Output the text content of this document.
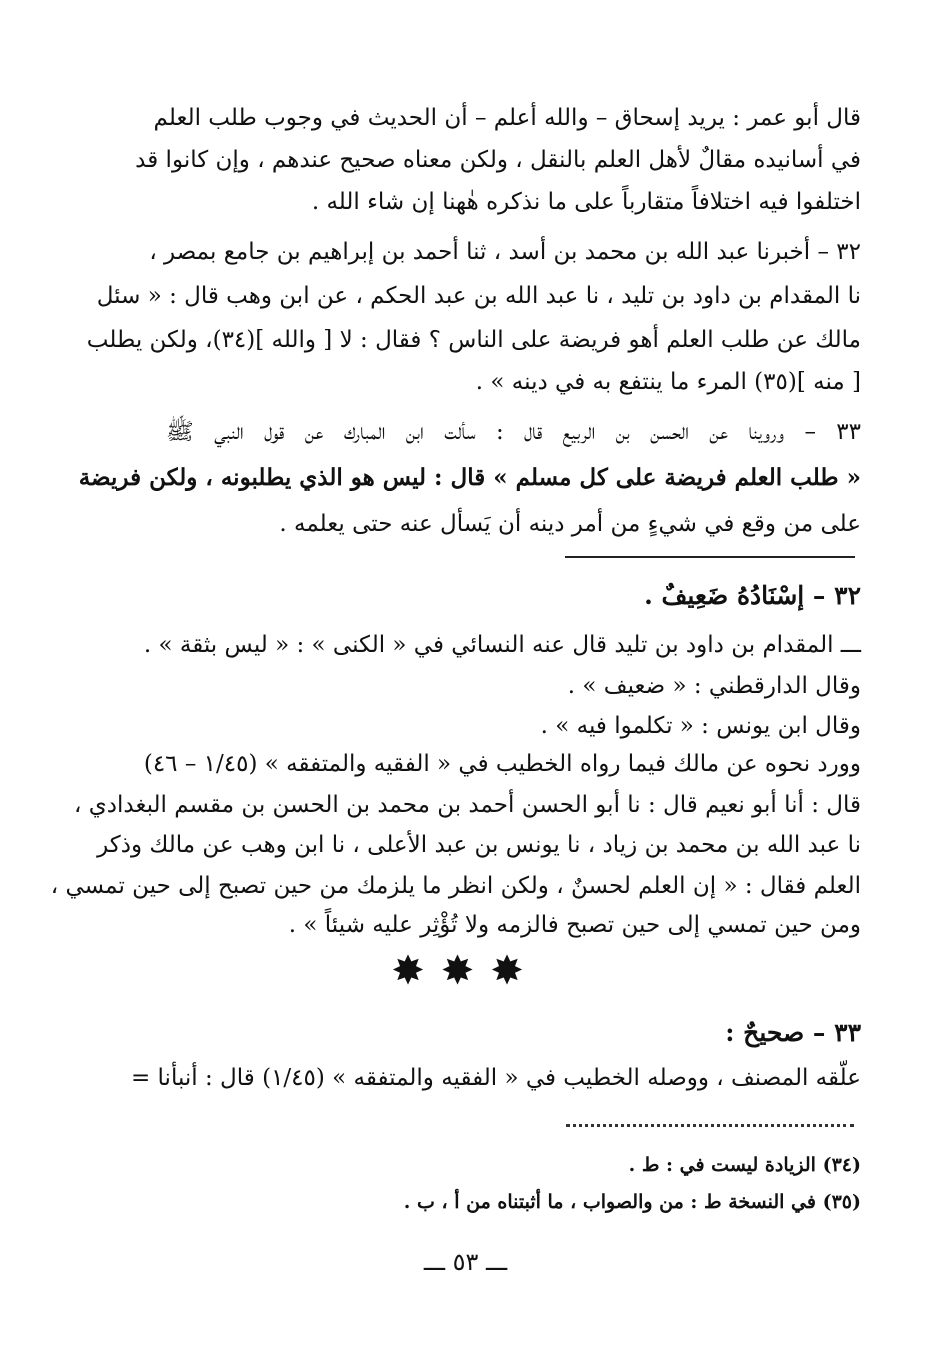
قال أبو عمر : يريد إسحاق – والله أعلم – أن الحديث في وجوب طلب العلم
في أسانيده مقالٌ لأهل العلم بالنقل ، ولكن معناه صحيح عندهم ، وإن كانوا قد
اختلفوا فيه اختلافاً متقارباً على ما نذكره هٰهنا إن شاء الله .
٣٢ – أخبرنا عبد الله بن محمد بن أسد ، ثنا أحمد بن إبراهيم بن جامع بمصر ،
نا المقدام بن داود بن تليد ، نا عبد الله بن عبد الحكم ، عن ابن وهب قال : « سئل
مالك عن طلب العلم أهو فريضة على الناس ؟ فقال : لا [ والله ](٣٤)، ولكن يطلب
[ منه ](٣٥) المرء ما ينتفع به في دينه » .
٣٣ – وروينا عن الحسن بن الربيع قال : سألت ابن المبارك عن قول النبي ﷺ
« طلب العلم فريضة على كل مسلم » قال : ليس هو الذي يطلبونه ، ولكن فريضة
على من وقع في شيءٍ من أمر دينه أن يَسأل عنه حتى يعلمه .
٣٢ – إسْنَادُهُ ضَعِيفٌ .
ـــ المقدام بن داود بن تليد قال عنه النسائي في « الكنى » : « ليس بثقة » .
وقال الدارقطني : « ضعيف » .
وقال ابن يونس : « تكلموا فيه » .
وورد نحوه عن مالك فيما رواه الخطيب في « الفقيه والمتفقه » (١/٤٥ – ٤٦)
قال : أنا أبو نعيم قال : نا أبو الحسن أحمد بن محمد بن الحسن بن مقسم البغدادي ،
نا عبد الله بن محمد بن زياد ، نا يونس بن عبد الأعلى ، نا ابن وهب عن مالك وذكر
العلم فقال : « إن العلم لحسنٌ ، ولكن انظر ما يلزمك من حين تصبح إلى حين تمسي ،
ومن حين تمسي إلى حين تصبح فالزمه ولا تُؤْثِر عليه شيئاً » .
✸✸✸
٣٣ – صحيحٌ :
علّقه المصنف ، ووصله الخطيب في « الفقيه والمتفقه » (١/٤٥) قال : أنبأنا =
(٣٤) الزيادة ليست في : ط .
(٣٥) في النسخة ط : من والصواب ، ما أثبتناه من أ ، ب .
ـــ ٥٣ ـــ
